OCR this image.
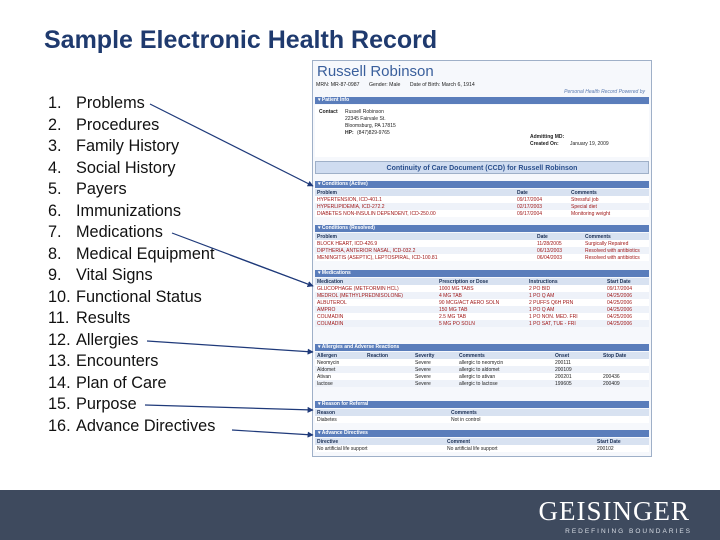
Sample Electronic Health Record
1. Problems
2. Procedures
3. Family History
4. Social History
5. Payers
6. Immunizations
7. Medications
8. Medical Equipment
9. Vital Signs
10. Functional Status
11. Results
12. Allergies
13. Encounters
14. Plan of Care
15. Purpose
16. Advance Directives
Russell Robinson
MRN: MR-87-0987 Gender: Male Date of Birth: March 6, 1914
Personal Health Record Powered by
▾ Patient Info
Contact Russell Robinson
22345 Fairvale St.
Bloomsburg, PA 17815
HP: (847)829-9765
Admitting MD:
Created On: January 19, 2009
Continuity of Care Document (CCD) for Russell Robinson
▾ Conditions (Active)
Problem	Date	Comments
HYPERTENSION, ICD-401.1	09/17/2004	Stressful job
HYPERLIPIDEMIA, ICD-272.2	02/17/2003	Special diet
DIABETES NON-INSULIN DEPENDENT, ICD-250.00	09/17/2004	Monitoring weight
▾ Conditions (Resolved)
Problem	Date	Comments
BLOCK HEART, ICD-426.9	11/28/2005	Surgically Repaired
DIPTHERIA, ANTERIOR NASAL, ICD-032.2	06/13/2003	Resolved with antibiotics
MENINGITIS (ASEPTIC), LEPTOSPIRAL, ICD-100.81	06/04/2003	Resolved with antibiotics
▾ Medications
Medication	Prescription or Dose	Instructions	Start Date
GLUCOPHAGE (METFORMIN HCL)	1000 MG TABS	2 PO BID	09/17/2004
MEDROL (METHYLPREDNISOLONE)	4 MG TAB	1 PO Q AM	04/25/2006
ALBUTEROL	90 MCG/ACT AERO SOLN	2 PUFFS Q6H PRN	04/25/2006
AMPRO	150 MG TAB	1 PO Q AM	04/25/2006
COLMADIN	2.5 MG TAB	1 PO NON. MED. FRI	04/25/2006
COLMADIN	5 MG PO SOLN	1 PO SAT, TUE - FRI	04/25/2006
▾ Allergies and Adverse Reactions
Allergen	Reaction	Severity	Comments	Onset	Stop Date
Neomycin		Severe	allergic to neomycin	200111	
Aldomet		Severe	allergic to aldomet	200109	
Ativan		Severe	allergic to ativan	200201	200436
lactose		Severe	allergic to lactose	199605	200409
▾ Reason for Referral
Reason	Comments
Diabetes	Not in control
▾ Advance Directives
Directive	Comment	Start Date
No artificial life support	No artificial life support	200102
GEISINGER
REDEFINING BOUNDARIES
